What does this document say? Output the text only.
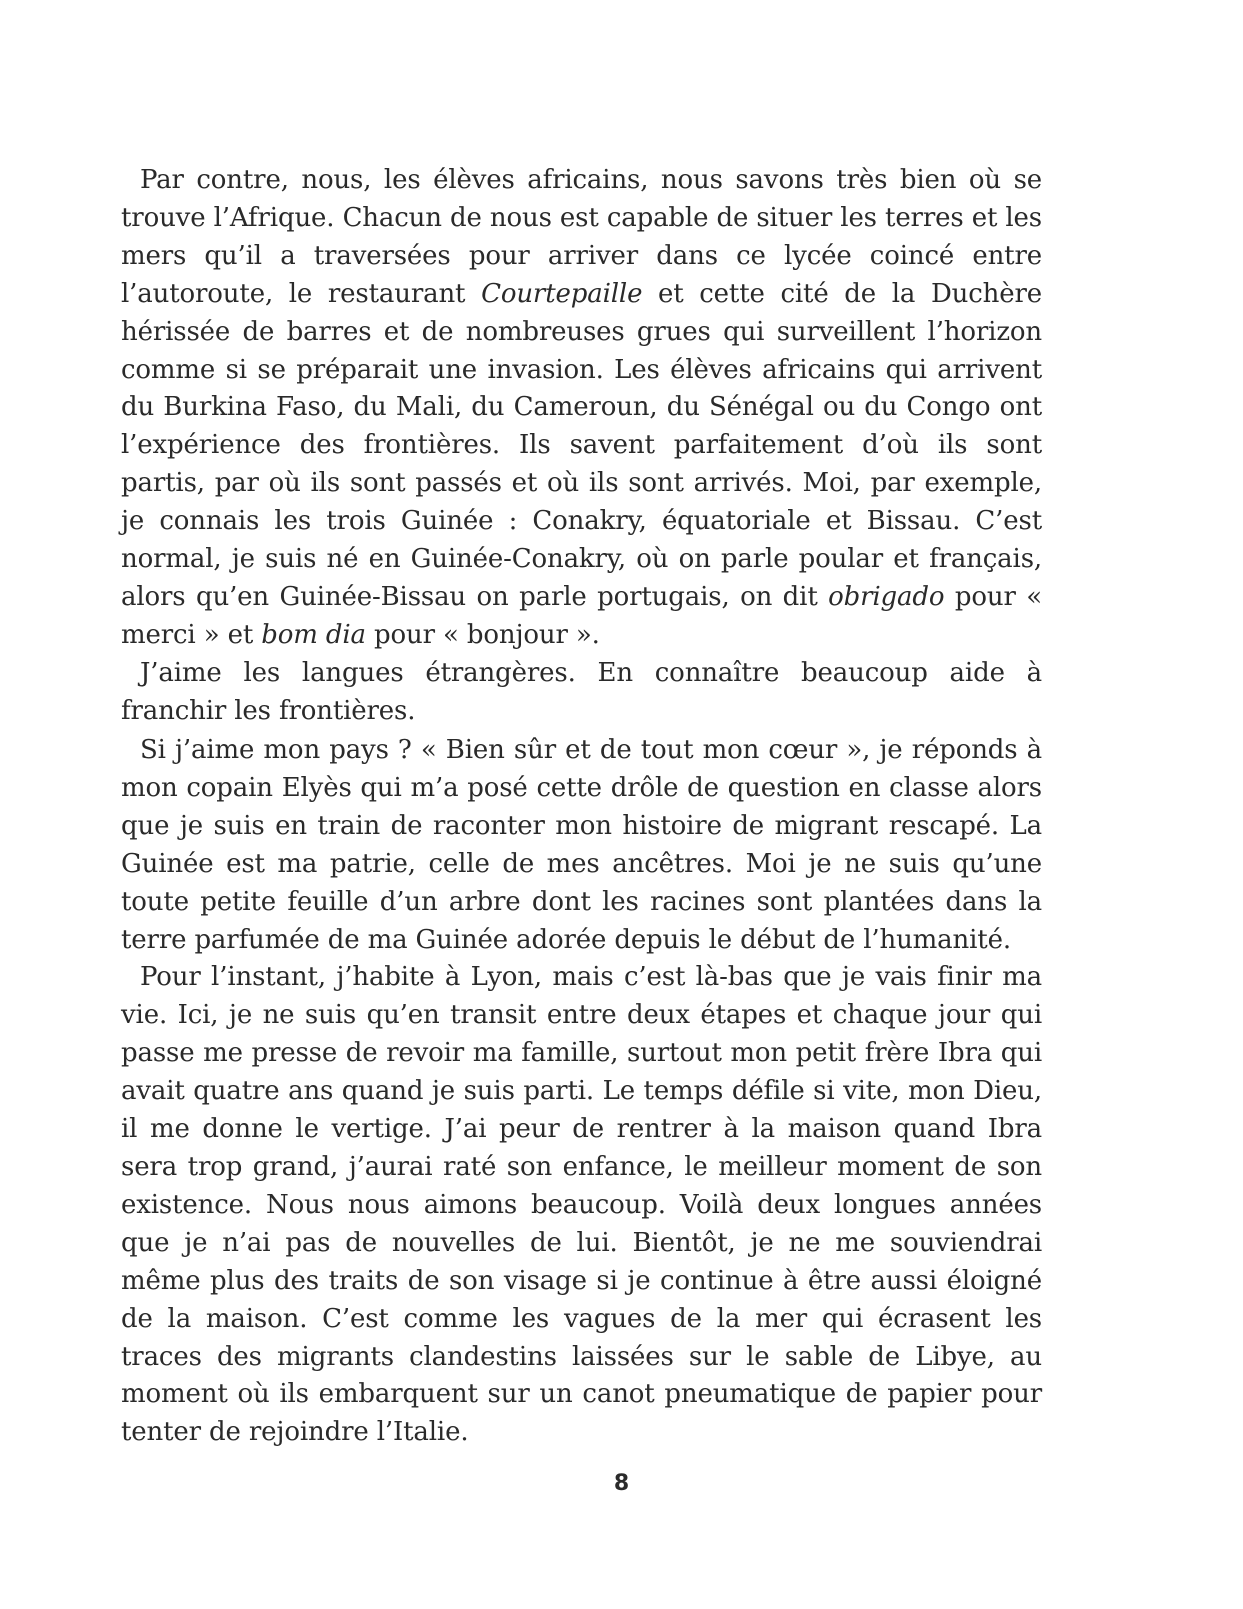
Par contre, nous, les élèves africains, nous savons très bien où se trouve l’Afrique. Chacun de nous est capable de situer les terres et les mers qu’il a traversées pour arriver dans ce lycée coincé entre l’autoroute, le restaurant Courtepaille et cette cité de la Duchère hérissée de barres et de nombreuses grues qui surveillent l’horizon comme si se préparait une invasion. Les élèves africains qui arrivent du Burkina Faso, du Mali, du Cameroun, du Sénégal ou du Congo ont l’expérience des frontières. Ils savent parfaitement d’où ils sont partis, par où ils sont passés et où ils sont arrivés. Moi, par exemple, je connais les trois Guinée : Conakry, équatoriale et Bissau. C’est normal, je suis né en Guinée-Conakry, où on parle poular et français, alors qu’en Guinée-Bissau on parle portugais, on dit obrigado pour « merci » et bom dia pour « bonjour ».

J’aime les langues étrangères. En connaître beaucoup aide à franchir les frontières.

Si j’aime mon pays ? « Bien sûr et de tout mon cœur », je réponds à mon copain Elyès qui m’a posé cette drôle de question en classe alors que je suis en train de raconter mon histoire de migrant rescapé. La Guinée est ma patrie, celle de mes ancêtres. Moi je ne suis qu’une toute petite feuille d’un arbre dont les racines sont plantées dans la terre parfumée de ma Guinée adorée depuis le début de l’humanité.

Pour l’instant, j’habite à Lyon, mais c’est là-bas que je vais finir ma vie. Ici, je ne suis qu’en transit entre deux étapes et chaque jour qui passe me presse de revoir ma famille, surtout mon petit frère Ibra qui avait quatre ans quand je suis parti. Le temps défile si vite, mon Dieu, il me donne le vertige. J’ai peur de rentrer à la maison quand Ibra sera trop grand, j’aurai raté son enfance, le meilleur moment de son existence. Nous nous aimons beaucoup. Voilà deux longues années que je n’ai pas de nouvelles de lui. Bientôt, je ne me souviendrai même plus des traits de son visage si je continue à être aussi éloigné de la maison. C’est comme les vagues de la mer qui écrasent les traces des migrants clandestins laissées sur le sable de Libye, au moment où ils embarquent sur un canot pneumatique de papier pour tenter de rejoindre l’Italie.

8
